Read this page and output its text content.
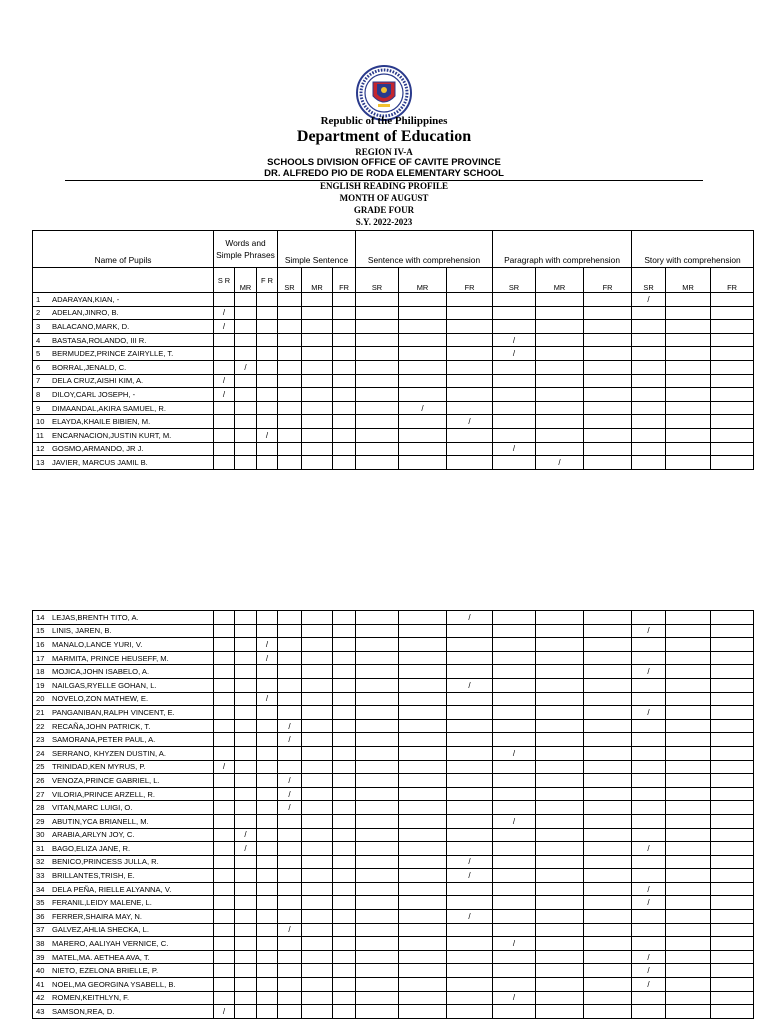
Republic of the Philippines
Department of Education
REGION IV-A
SCHOOLS DIVISION OFFICE OF CAVITE PROVINCE
DR. ALFREDO PIO DE RODA ELEMENTARY SCHOOL
ENGLISH READING PROFILE
MONTH OF AUGUST
GRADE FOUR
S.Y. 2022-2023
Name of Pupils	Words and Simple Phrases			Simple Sentence			Sentence with comprehension			Paragraph with comprehension			Story with comprehension		
	S R	MR	F R	SR	MR	FR	SR	MR	FR	SR	MR	FR	SR	MR	FR
1 ADARAYAN,KIAN, -													/		
2 ADELAN,JINRO, B.	/														
3 BALACANO,MARK, D.	/														
4 BASTASA,ROLANDO, III R.										/					
5 BERMUDEZ,PRINCE ZAIRYLLE, T.										/					
6 BORRAL,JENALD, C.		/													
7 DELA CRUZ,AISHI KIM, A.	/														
8 DILOY,CARL JOSEPH, -	/														
9 DIMAANDAL,AKIRA SAMUEL, R.								/							
10 ELAYDA,KHAILE BIBIEN, M.									/						
11 ENCARNACION,JUSTIN KURT, M.			/												
12 GOSMO,ARMANDO, JR J.										/					
13 JAVIER, MARCUS JAMIL B.											/				
14 LEJAS,BRENTH TITO, A.									/						
15 LINIS, JAREN, B.													/		
16 MANALO,LANCE YURI, V.			/												
17 MARMITA, PRINCE HEUSEFF, M.			/												
18 MOJICA,JOHN ISABELO, A.													/		
19 NAILGAS,RYELLE GOHAN, L.									/						
20 NOVELO,ZON MATHEW, E.			/												
21 PANGANIBAN,RALPH VINCENT, E.													/		
22 RECAÑA,JOHN PATRICK, T.				/											
23 SAMORANA,PETER PAUL, A.				/											
24 SERRANO, KHYZEN DUSTIN, A.										/					
25 TRINIDAD,KEN MYRUS, P.	/														
26 VENOZA,PRINCE GABRIEL, L.				/											
27 VILORIA,PRINCE ARZELL, R.				/											
28 VITAN,MARC LUIGI, O.				/											
29 ABUTIN,YCA BRIANELL, M.										/					
30 ARABIA,ARLYN JOY, C.		/													
31 BAGO,ELIZA JANE, R.		/											/		
32 BENICO,PRINCESS JULLA, R.									/						
33 BRILLANTES,TRISH, E.									/						
34 DELA PEÑA, RIELLE ALYANNA, V.													/		
35 FERANIL,LEIDY MALENE, L.													/		
36 FERRER,SHAIRA MAY, N.									/						
37 GALVEZ,AHLIA SHECKA, L.				/											
38 MARERO, AALIYAH VERNICE, C.										/					
39 MATEL,MA. AETHEA AVA, T.													/		
40 NIETO, EZELONA BRIELLE, P.													/		
41 NOEL,MA GEORGINA YSABELL, B.													/		
42 ROMEN,KEITHLYN, F.										/					
43 SAMSON,REA, D.	/														
